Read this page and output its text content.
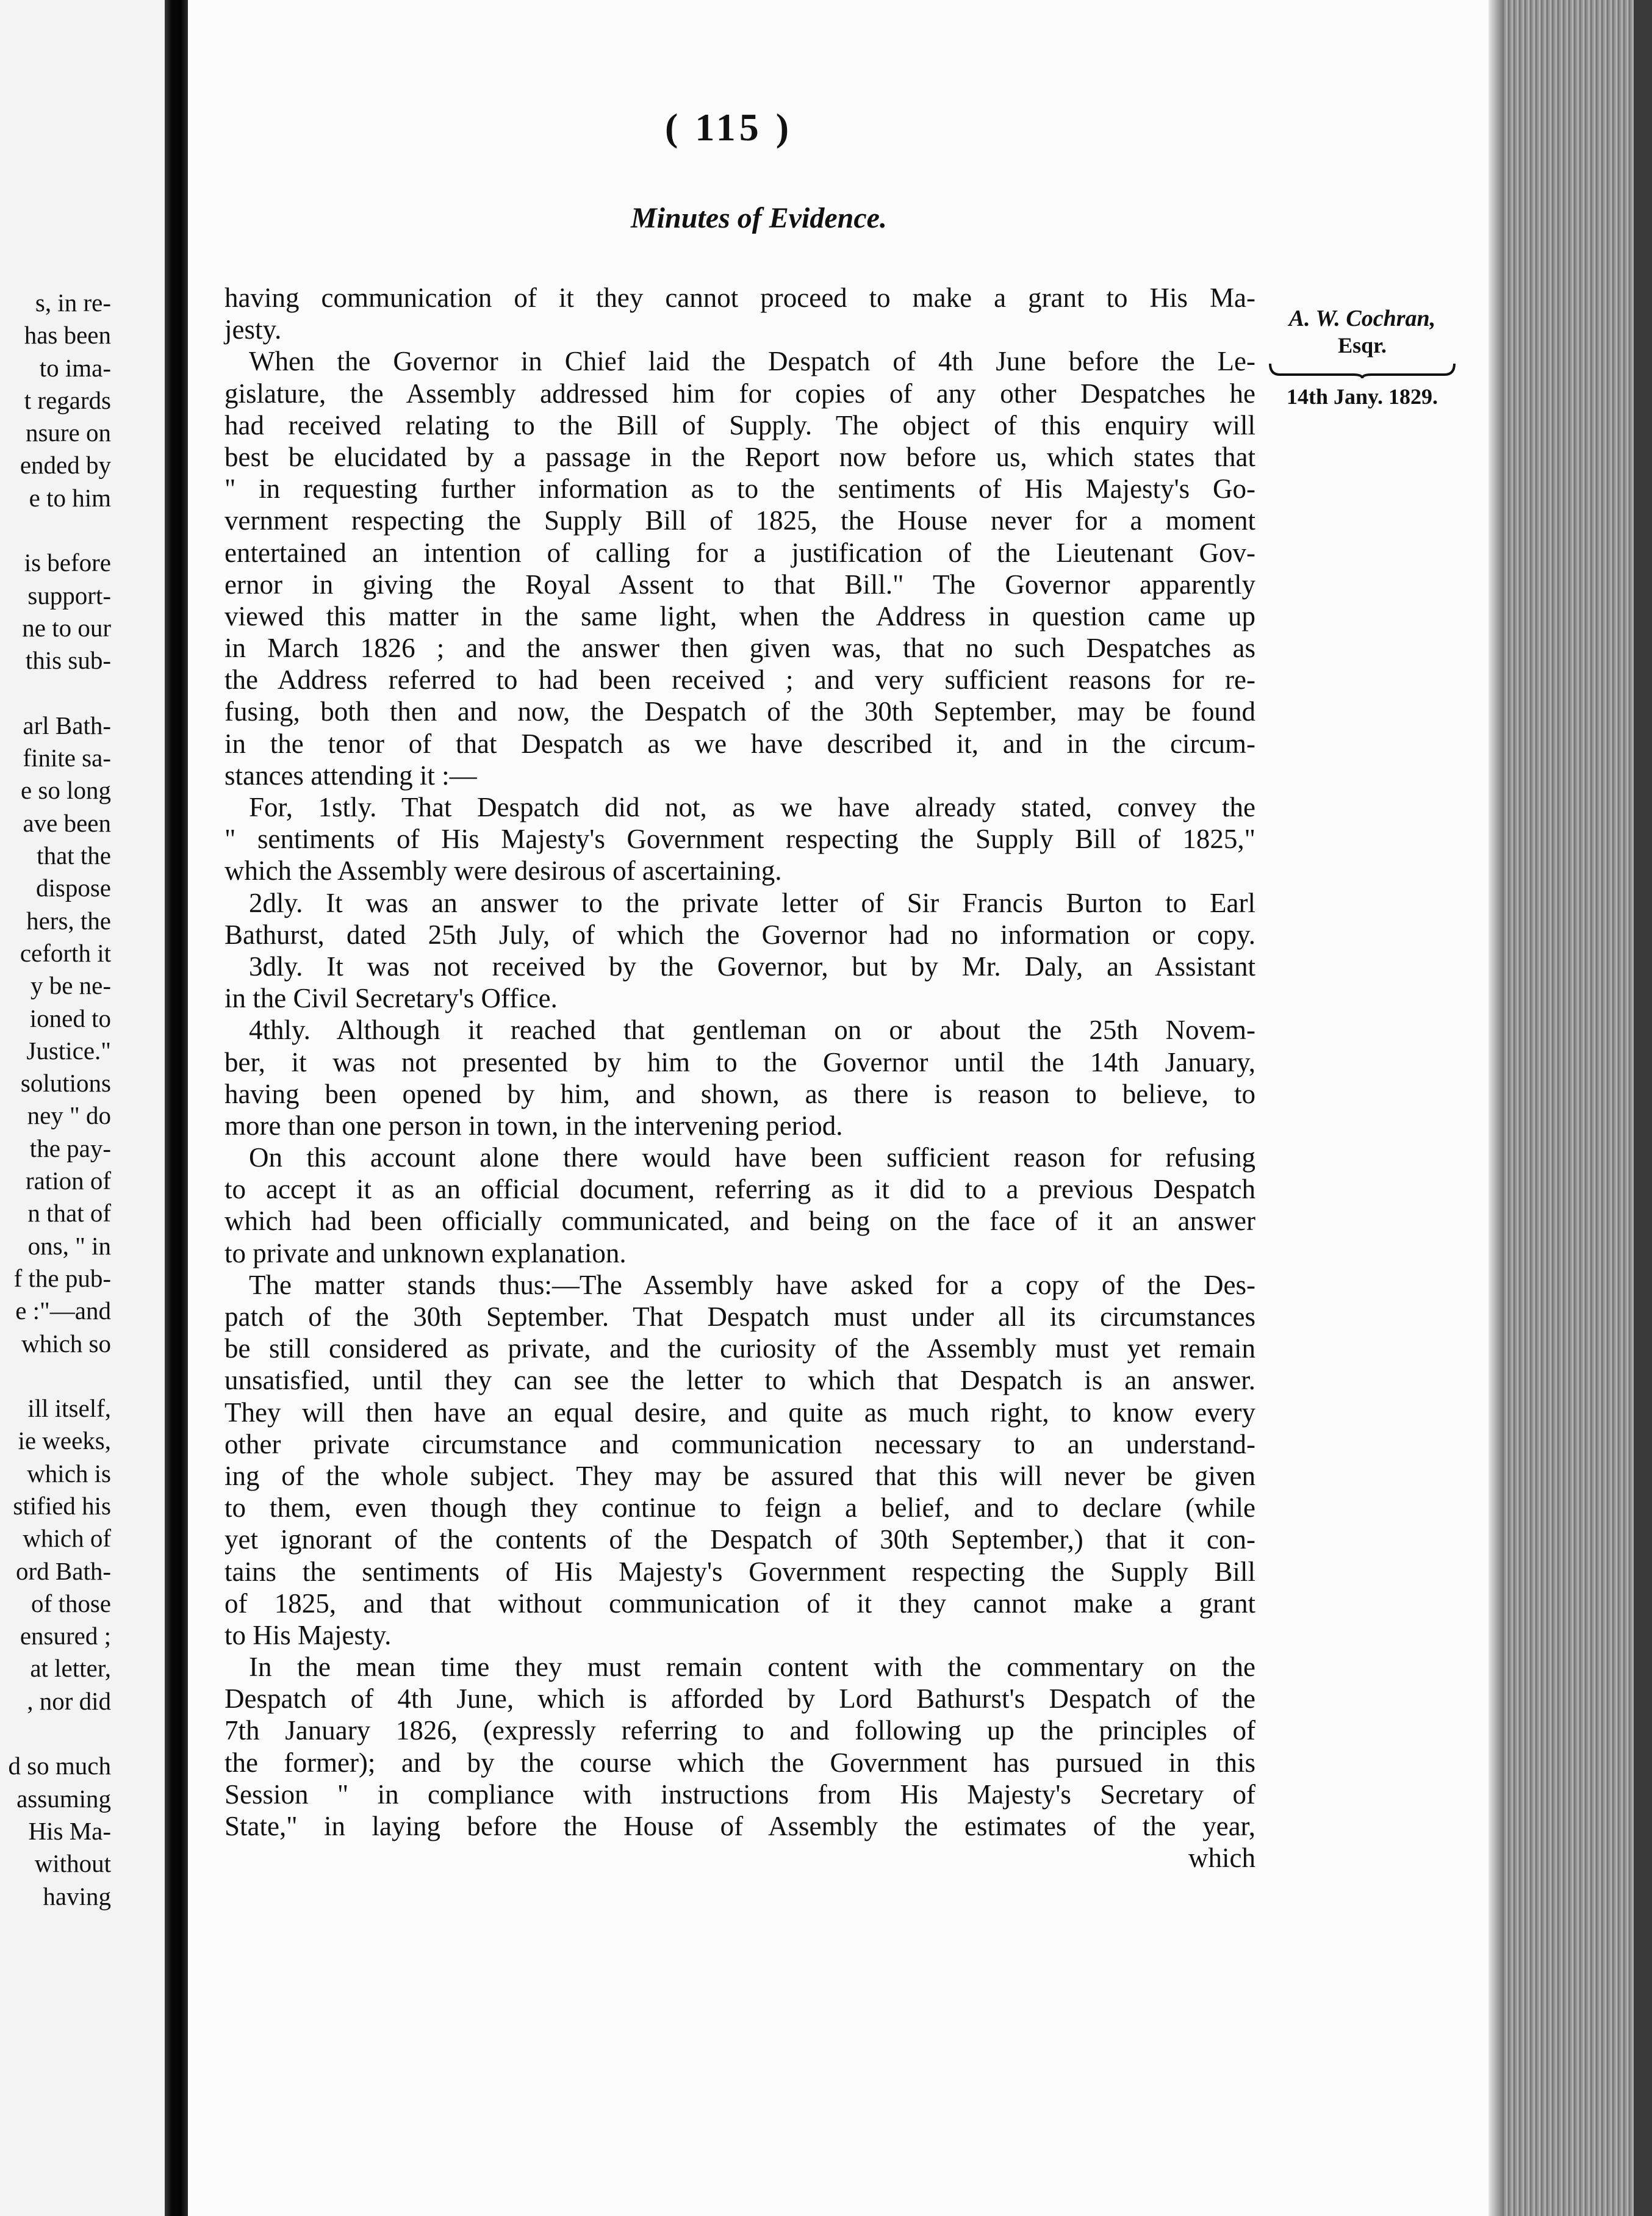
s, in re-
has been
to ima-
t regards
nsure on
ended by
e to him
is before
support-
ne to our
this sub-
arl Bath-
finite sa-
e so long
ave been
that the
dispose
hers, the
ceforth it
y be ne-
ioned to
Justice."
solutions
ney " do
the pay-
ration of
n that of
ons, " in
f the pub-
e :"—and
which so
ill itself,
ie weeks,
which is
stified his
which of
ord Bath-
of those
ensured ;
at letter,
, nor did
d so much
assuming
His Ma-
without
having
( 115 )
Minutes of Evidence.
A. W. Cochran,
Esqr.
14th Jany. 1829.
having communication of it they cannot proceed to make a grant to His Ma-
jesty.
When the Governor in Chief laid the Despatch of 4th June before the Le-
gislature, the Assembly addressed him for copies of any other Despatches he
had received relating to the Bill of Supply. The object of this enquiry will
best be elucidated by a passage in the Report now before us, which states that
" in requesting further information as to the sentiments of His Majesty's Go-
vernment respecting the Supply Bill of 1825, the House never for a moment
entertained an intention of calling for a justification of the Lieutenant Gov-
ernor in giving the Royal Assent to that Bill." The Governor apparently
viewed this matter in the same light, when the Address in question came up
in March 1826 ; and the answer then given was, that no such Despatches as
the Address referred to had been received ; and very sufficient reasons for re-
fusing, both then and now, the Despatch of the 30th September, may be found
in the tenor of that Despatch as we have described it, and in the circum-
stances attending it :—
For, 1stly. That Despatch did not, as we have already stated, convey the
" sentiments of His Majesty's Government respecting the Supply Bill of 1825,"
which the Assembly were desirous of ascertaining.
2dly. It was an answer to the private letter of Sir Francis Burton to Earl
Bathurst, dated 25th July, of which the Governor had no information or copy.
3dly. It was not received by the Governor, but by Mr. Daly, an Assistant
in the Civil Secretary's Office.
4thly. Although it reached that gentleman on or about the 25th Novem-
ber, it was not presented by him to the Governor until the 14th January,
having been opened by him, and shown, as there is reason to believe, to
more than one person in town, in the intervening period.
On this account alone there would have been sufficient reason for refusing
to accept it as an official document, referring as it did to a previous Despatch
which had been officially communicated, and being on the face of it an answer
to private and unknown explanation.
The matter stands thus:—The Assembly have asked for a copy of the Des-
patch of the 30th September. That Despatch must under all its circumstances
be still considered as private, and the curiosity of the Assembly must yet remain
unsatisfied, until they can see the letter to which that Despatch is an answer.
They will then have an equal desire, and quite as much right, to know every
other private circumstance and communication necessary to an understand-
ing of the whole subject. They may be assured that this will never be given
to them, even though they continue to feign a belief, and to declare (while
yet ignorant of the contents of the Despatch of 30th September,) that it con-
tains the sentiments of His Majesty's Government respecting the Supply Bill
of 1825, and that without communication of it they cannot make a grant
to His Majesty.
In the mean time they must remain content with the commentary on the
Despatch of 4th June, which is afforded by Lord Bathurst's Despatch of the
7th January 1826, (expressly referring to and following up the principles of
the former); and by the course which the Government has pursued in this
Session " in compliance with instructions from His Majesty's Secretary of
State," in laying before the House of Assembly the estimates of the year,
which
